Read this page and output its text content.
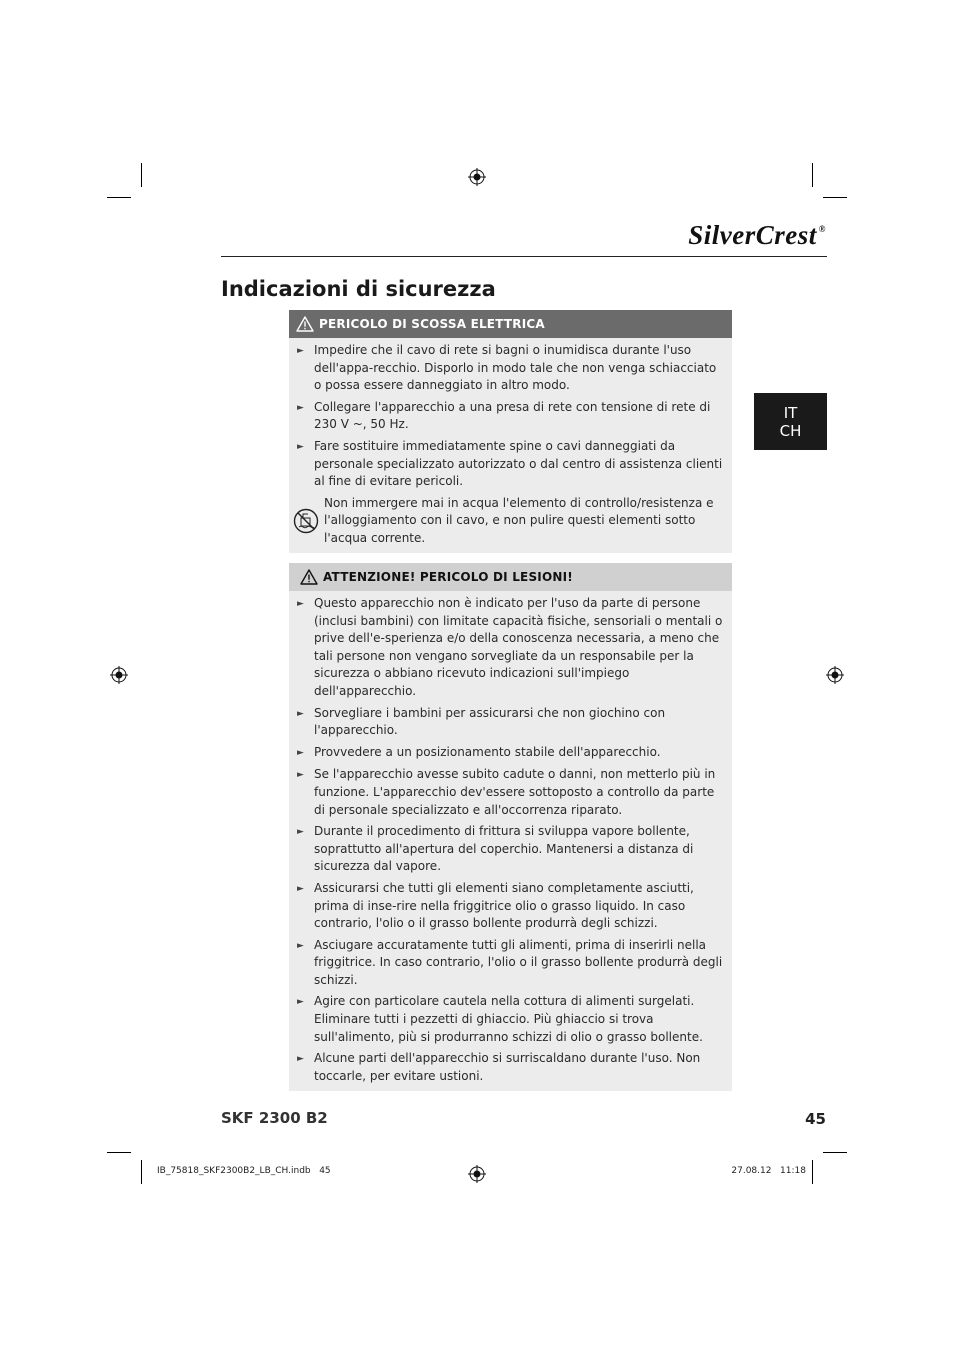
SilverCrest ®
Indicazioni di sicurezza
IT
CH
PERICOLO DI SCOSSA ELETTRICA
► Impedire che il cavo di rete si bagni o inumidisca durante l'uso dell'appa-recchio. Disporlo in modo tale che non venga schiacciato o possa essere danneggiato in altro modo.
► Collegare l'apparecchio a una presa di rete con tensione di rete di 230 V ~, 50 Hz.
► Fare sostituire immediatamente spine o cavi danneggiati da personale specializzato autorizzato o dal centro di assistenza clienti al fine di evitare pericoli.
Non immergere mai in acqua l'elemento di controllo/resistenza e l'alloggiamento con il cavo, e non pulire questi elementi sotto l'acqua corrente.
ATTENZIONE! PERICOLO DI LESIONI!
► Questo apparecchio non è indicato per l'uso da parte di persone (inclusi bambini) con limitate capacità fisiche, sensoriali o mentali o prive dell'e-sperienza e/o della conoscenza necessaria, a meno che tali persone non vengano sorvegliate da un responsabile per la sicurezza o abbiano ricevuto indicazioni sull'impiego dell'apparecchio.
► Sorvegliare i bambini per assicurarsi che non giochino con l'apparecchio.
► Provvedere a un posizionamento stabile dell'apparecchio.
► Se l'apparecchio avesse subito cadute o danni, non metterlo più in funzione. L'apparecchio dev'essere sottoposto a controllo da parte di personale specializzato e all'occorrenza riparato.
► Durante il procedimento di frittura si sviluppa vapore bollente, soprattutto all'apertura del coperchio. Mantenersi a distanza di sicurezza dal vapore.
► Assicurarsi che tutti gli elementi siano completamente asciutti, prima di inse-rire nella friggitrice olio o grasso liquido. In caso contrario, l'olio o il grasso bollente produrrà degli schizzi.
► Asciugare accuratamente tutti gli alimenti, prima di inserirli nella friggitrice. In caso contrario, l'olio o il grasso bollente produrrà degli schizzi.
► Agire con particolare cautela nella cottura di alimenti surgelati. Eliminare tutti i pezzetti di ghiaccio. Più ghiaccio si trova sull'alimento, più si produrranno schizzi di olio o grasso bollente.
► Alcune parti dell'apparecchio si surriscaldano durante l'uso. Non toccarle, per evitare ustioni.
SKF 2300 B2	45
IB_75818_SKF2300B2_LB_CH.indb   45	27.08.12   11:18
